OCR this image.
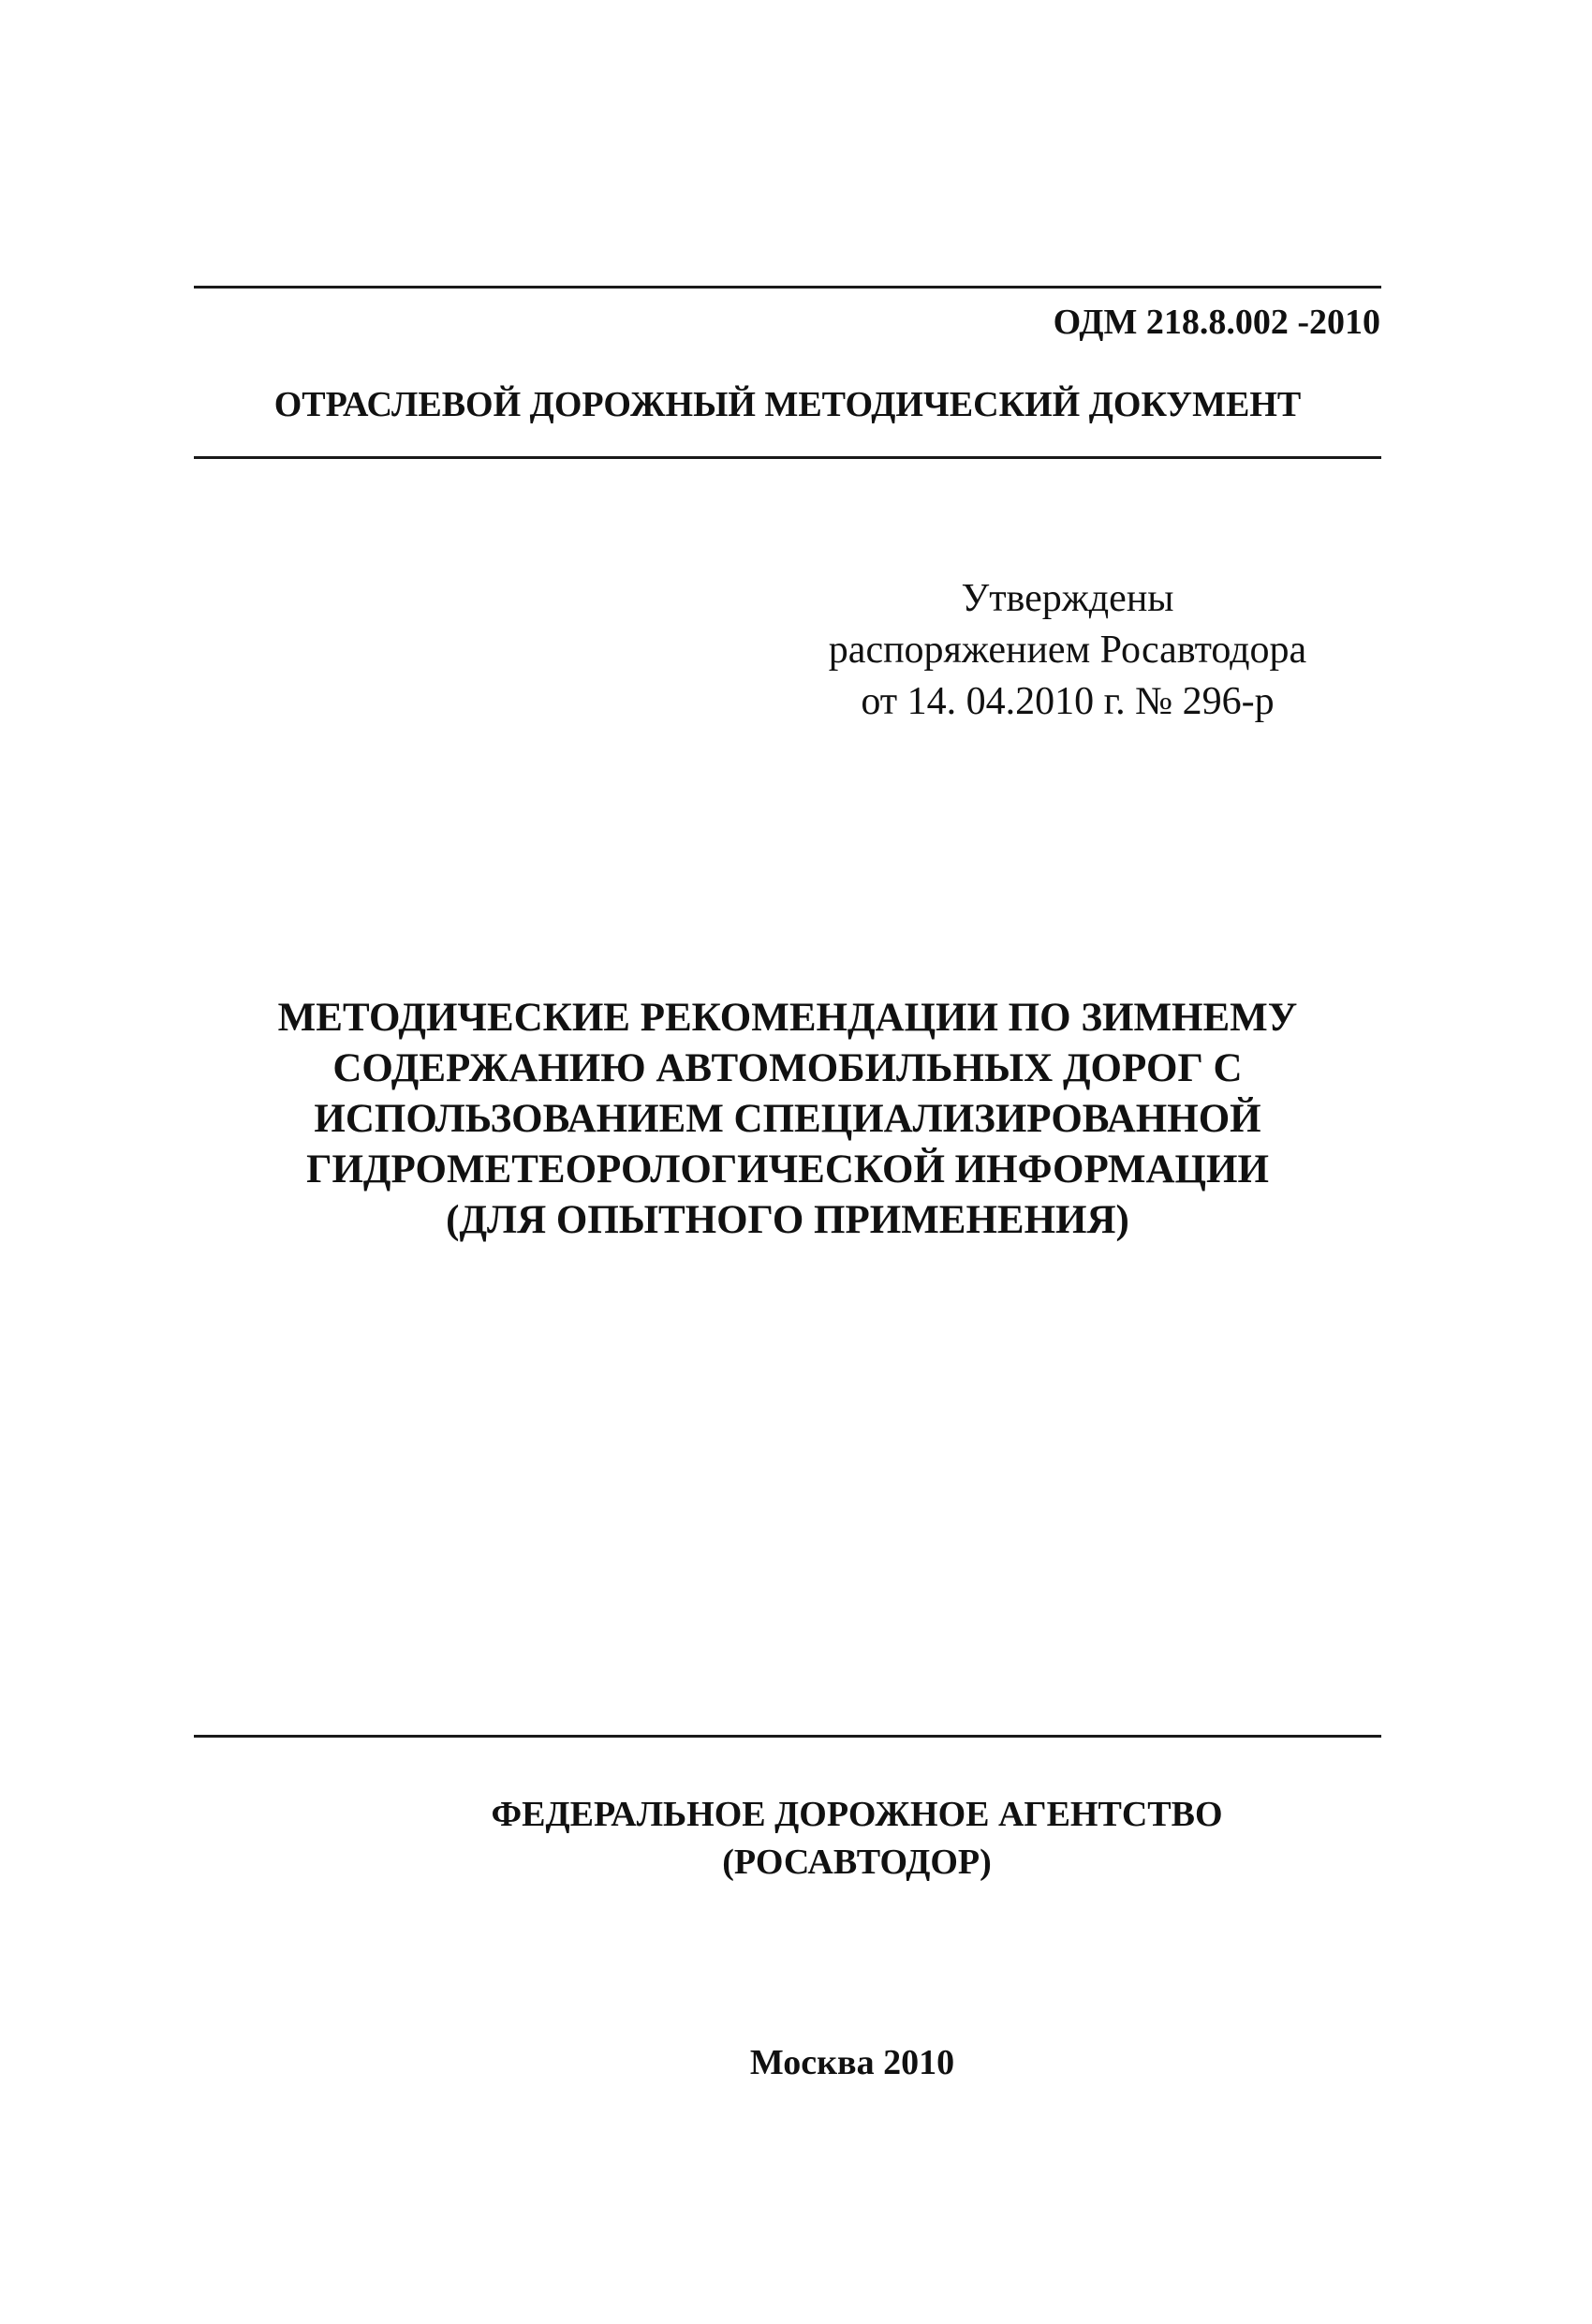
ОДМ 218.8.002 -2010
ОТРАСЛЕВОЙ ДОРОЖНЫЙ МЕТОДИЧЕСКИЙ ДОКУМЕНТ
Утверждены
распоряжением Росавтодора
от 14. 04.2010 г. № 296-р
МЕТОДИЧЕСКИЕ РЕКОМЕНДАЦИИ ПО ЗИМНЕМУ
СОДЕРЖАНИЮ АВТОМОБИЛЬНЫХ ДОРОГ С
ИСПОЛЬЗОВАНИЕМ СПЕЦИАЛИЗИРОВАННОЙ
ГИДРОМЕТЕОРОЛОГИЧЕСКОЙ ИНФОРМАЦИИ
(ДЛЯ ОПЫТНОГО ПРИМЕНЕНИЯ)
ФЕДЕРАЛЬНОЕ ДОРОЖНОЕ АГЕНТСТВО
(РОСАВТОДОР)
Москва 2010
